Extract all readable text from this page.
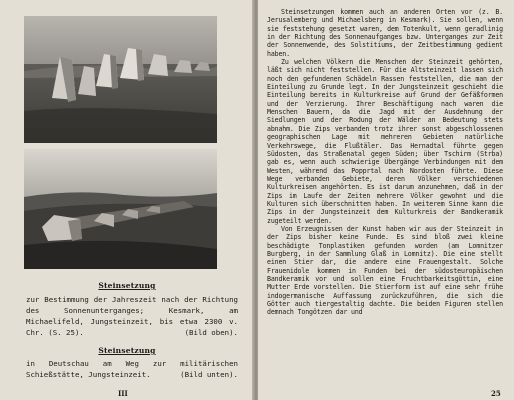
Steinsetzung
zur Bestimmung der Jahreszeit nach der Richtung des Sonnenunterganges; Kesmark, am Michaelifeld, Jungsteinzeit, bis etwa 2300 v. Chr. (S. 25).	(Bild oben).
Steinsetzung
in Deutschau am Weg zur militärischen Schießstätte, Jungsteinzeit.	(Bild unten).
III

Steinsetzungen kommen auch an anderen Orten vor (z. B. Jerusalemberg und Michaelsberg in Kesmark). Sie sollen, wenn sie feststehung gesetzt waren, dem Totenkult, wenn geradlinig in der Richtung des Sonnenaufganges bzw. Unterganges zur Zeit der Sonnenwende, des Solstitiums, der Zeitbestimmung gedient haben.

Zu welchen Völkern die Menschen der Steinzeit gehörten, läßt sich nicht feststellen. Für die Altsteinzeit lassen sich noch den gefundenen Schädeln Rassen feststellen, die man der Einteilung zu Grunde legt. In der Jungsteinzeit geschieht die Einteilung bereits in Kulturkreise auf Grund der Gefäßformen und der Verzierung. Ihrer Beschäftigung nach waren die Menschen Bauern, da die Jagd mit der Ausdehnung der Siedlungen und der Rodung der Wälder an Bedeutung stets abnahm. Die Zips verbanden trotz ihrer sonst abgeschlossenen geographischen Lage mit mehreren Gebieten natürliche Verkehrswege, die Flußtäler. Das Hernadtal führte gegen Südosten, das Straßenatal gegen Süden; über Tschirm (Strba) gab es, wenn auch schwierige Übergänge Verbindungen mit dem Westen, während das Popprtal nach Nordosten führte. Diese Wege verbanden Gebiete, deren Völker verschiedenen Kulturkreisen angehörten. Es ist darum anzunehmen, daß in der Zips im Laufe der Zeiten mehrere Völker gewohnt und die Kulturen sich überschnitten haben. In weiterem Sinne kann die Zips in der Jungsteinzeit dem Kulturkreis der Bandkeramik zugeteilt werden.

Von Erzeugnissen der Kunst haben wir aus der Steinzeit in der Zips bisher keine Funde. Es sind bloß zwei kleine beschädigte Tonplastiken gefunden worden (am Lomnitzer Burgberg, in der Sammlung Glaß in Lomnitz). Die eine stellt einen Stier dar, die andere eine Frauengestalt. Solche Frauenidole kommen in Funden bei der südosteuropäischen Bandkeramik vor und sollen eine Fruchtbarkeitsgöttin, eine Mutter Erde vorstellen. Die Stierform ist auf eine sehr frühe indogermanische Auffassung zurückzuführen, die sich die Götter auch tiergestaltig dachte. Die beiden Figuren stellen demnach Tongötzen dar und

25
